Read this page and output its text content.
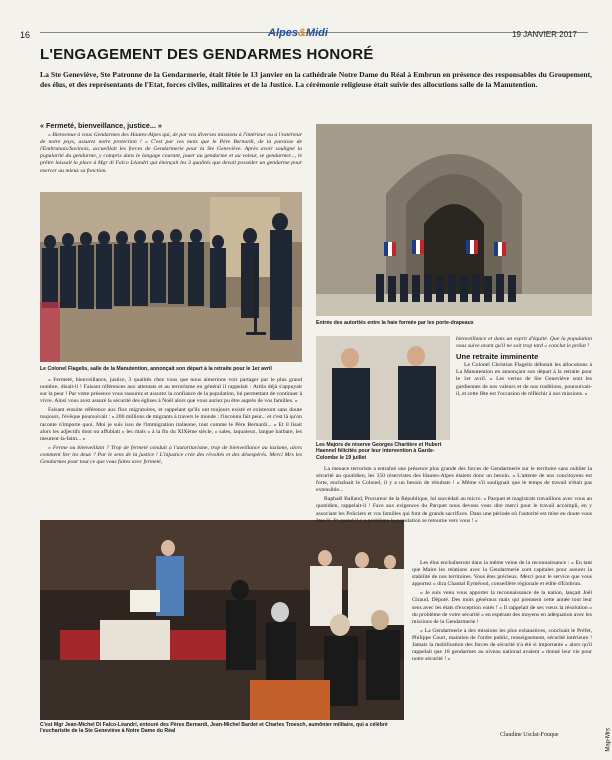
16	Alpes&Midi	19 JANVIER 2017
L'ENGAGEMENT DES GENDARMES HONORÉ
La Ste Geneviève, Ste Patronne de la Gendarmerie, était fêtée le 13 janvier en la cathédrale Notre Dame du Réal à Embrun en présence des responsables du Groupement, des élus, et des représentants de l'Etat, forces civiles, militaires et de la Justice. La cérémonie religieuse était suivie des allocutions salle de la Manutention.
« Fermeté, bienveillance, justice... »

« Bienvenue à vous Gendarmes des Hautes-Alpes qui, de par vos diverses missions à l'intérieur ou à l'extérieur de notre pays, assurez notre protection ! » C'est par ces mots que le Père Bernardi, de la paroisse de l'Embrunais/Savinois, accueillait les forces de Gendarmerie pour la Ste Geneviève. Après avoir souligné la popularité du gendarme, y compris dans le langage courant, jouer au gendarme et au voleur, se gendarmer..., le prêtre laissait la place à Mgr di Falco Léandri qui énonçait les 3 qualités que devait posséder un gendarme pour exercer au mieux sa fonction.

Le Colonel Flagelis, salle de la Manutention, annonçait son départ à la retraite pour le 1er avril

« Fermeté, bienveillance, justice, 3 qualités chez vous que nous aimerions voir partager par le plus grand nombre, disait-il ! Faisant références aux attentats et au terrorisme en général il rappelait : Attila déjà s'appuyait sur la peur ! Par votre présence vous rassurez et assurez la confiance de la population, lui permettant de continuer à vivre. Ainsi vous avez assuré la sécurité des églises à Noël alors que vous auriez pu être auprès de vos familles. »

Faisant ensuite référence aux flux migratoires, et rappelant qu'ils ont toujours existé et existeront sans doute toujours, l'évêque poursuivait : « 200 millions de migrants à travers le monde ; l'inconnu fait peur... et c'est là qu'on raconte n'importe quoi. Moi je suis issu de l'immigration italienne, tout comme le Père Bernardi... » Et il lisait alors les adjectifs dont on affublait « les ritals » à la fin du XIXème siècle, « sales, laquaieux, langue barbare, les meurent-la-faim... »

« Ferme ou bienveillant ? Trop de fermeté conduit à l'autoritarisme, trop de bienveillance au laxisme, alors comment lier les deux ? Par le sens de la justice ! L'injustice crée des révoltés et des désespérés. Merci Mrs les Gendarmes pour tout ce que vous faites avec fermeté,

C'est Mgr Jean-Michel Di Falco-Léandri, entouré des Pères Bernardi, Jean-Michel Bardet et Charles Troesch, aumônier militaire, qui a célébré l'eucharistie de la Ste Geneviève à Notre Dame du Réal
Entrée des autorités entre la haie formée par les porte-drapeaux
Les Majors de réserve Georges Chartière et Hubert Haennel félicités pour leur intervention à Garde-Colombe le 19 juillet

bienveillance et dans un esprit d'équité. Que la population vous suive avant qu'il ne soit trop tard » conclut le prélat !

Une retraite imminente

Le Colonel Christian Flagelis débutait les allocutions à La Manutention en annonçant son départ à la retraite pour le 1er avril. « Les vertus de Ste Geneviève sont les gardiennes de nos valeurs et de nos traditions, poursuivait-il, et cette fête est l'occasion de réfléchir à nos missions. »

La menace terroriste a entraîné une présence plus grande des forces de Gendarmerie sur le territoire sans oublier la sécurité au quotidien, les 150 réservistes des Hautes-Alpes étaient donc un besoin. « L'attente de nos concitoyens est forte, enchaînait le Colonel, il y a un besoin de résultats ! » Même s'il soulignait que le temps de travail n'était pas extensible...

Raphaël Balland, Procureur de la République, lui succédait au micro. « Parquet et magistrats travaillons avec vous au quotidien, rappelait-il ! Face aux exigences du Parquet nous devons vous dire merci pour le travail accompli, en y associant les Policiers et vos familles qui font de grands sacrifices. Dans une période où l'autorité est mise en doute vous êtes là. Et quand il y a problème la population se retourne vers vous ! »

Les élus enchaîneront dans la même veine de la reconnaissance : « En tant que Maire les relations avec la Gendarmerie sont capitales pour assurer la stabilité de nos territoires. Vous êtes précieux. Merci pour le service que vous apportez » dira Chantal Eyméoud, conseillère régionale et édile d'Embrun.

« Je suis venu vous apporter la reconnaissance de la nation, lançait Joël Giraud, Député. Des mots généraux mais qui prennent cette année tout leur sens avec les états d'exception votés ! » Il rappelait de ses vœux la résolution « du problème de votre sécurité » en espérant des moyens en adéquation avec les missions de la Gendarmerie !

« La Gendarmerie a des missions les plus exhaustives, concluait le Préfet, Philippe Court, maintien de l'ordre public, renseignement, sécurité intérieure ! Jamais la mobilisation des forces de sécurité n'a été si importante » alors qu'il rappelait que 18 gendarmes au niveau national avaient « donné leur vie pour notre sécurité ! »

Claudine Usclat-Fouque	Map-Mrs
